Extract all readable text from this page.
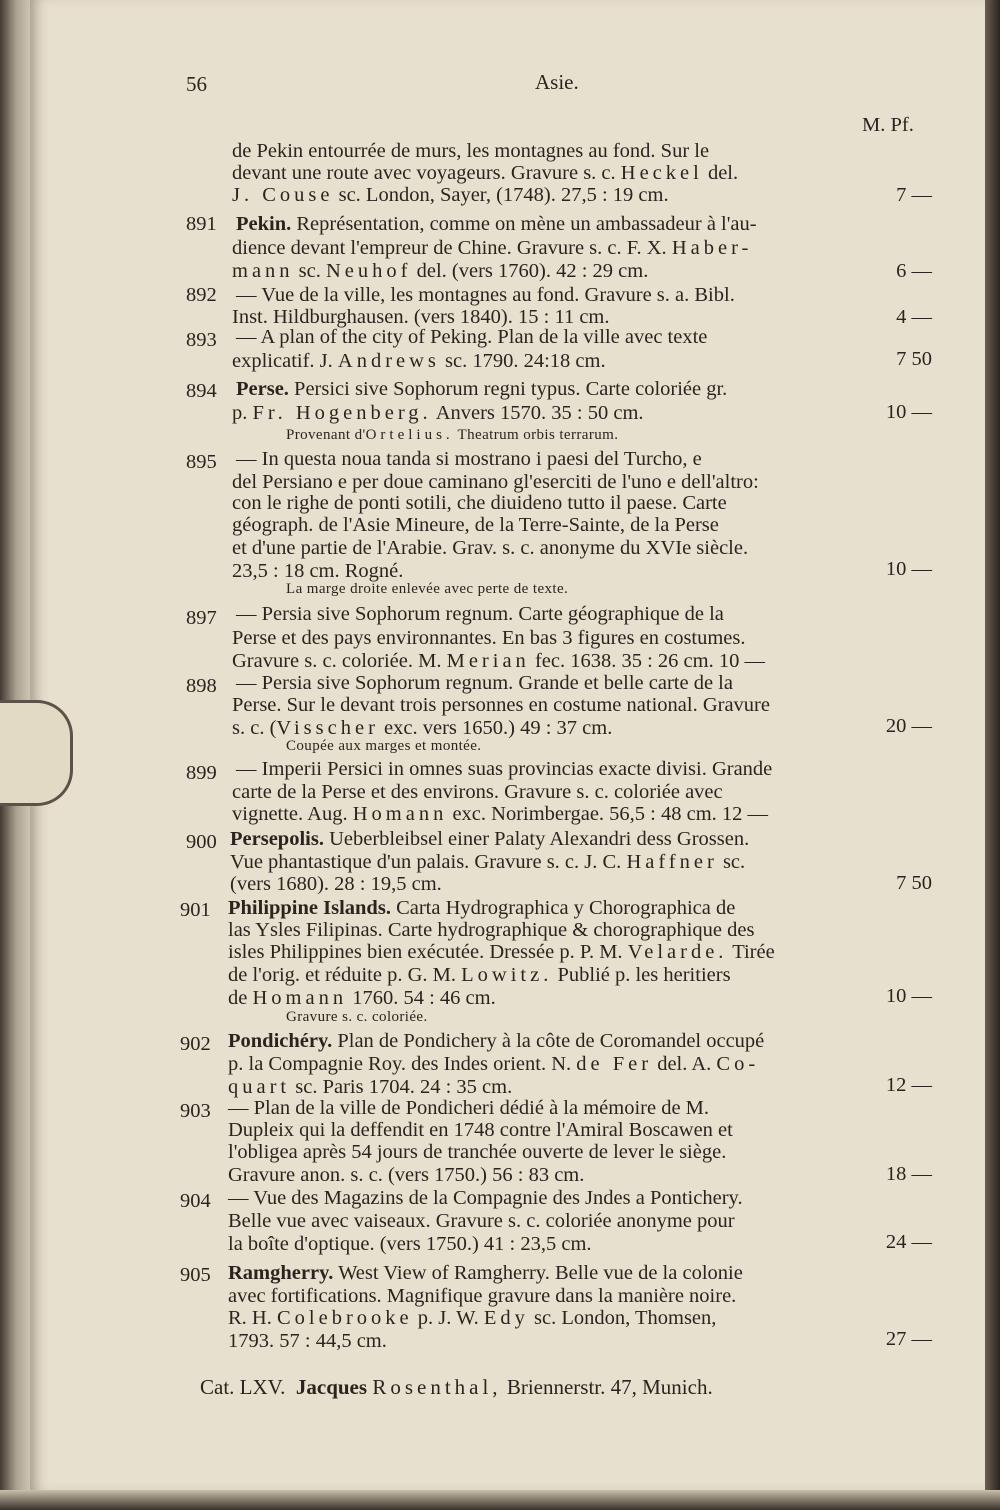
56	Asie.
M. Pf.
de Pekin entourrée de murs, les montagnes au fond. Sur le
devant une route avec voyageurs. Gravure s. c. Heckel del.
J. Couse sc. London, Sayer, (1748). 27,5 : 19 cm.	7 —
891 Pekin. Représentation, comme on mène un ambassadeur à l'au-
dience devant l'empreur de Chine. Gravure s. c. F. X. Haber-
mann sc. Neuhof del. (vers 1760). 42 : 29 cm.	6 —
892 — Vue de la ville, les montagnes au fond. Gravure s. a. Bibl.
Inst. Hildburghausen. (vers 1840). 15 : 11 cm.	4 —
893 — A plan of the city of Peking. Plan de la ville avec texte
explicatif. J. Andrews sc. 1790. 24:18 cm.	7 50
894 Perse. Persici sive Sophorum regni typus. Carte coloriée gr.
p. Fr. Hogenberg. Anvers 1570. 35 : 50 cm.	10 —
Provenant d'Ortelius. Theatrum orbis terrarum.
895 — In questa noua tanda si mostrano i paesi del Turcho, e
del Persiano e per doue caminano gl'eserciti de l'uno e dell'altro:
con le righe de ponti sotili, che diuideno tutto il paese. Carte
géograph. de l'Asie Mineure, de la Terre-Sainte, de la Perse
et d'une partie de l'Arabie. Grav. s. c. anonyme du XVIe siècle.
23,5 : 18 cm. Rogné.	10 —
La marge droite enlevée avec perte de texte.
897 — Persia sive Sophorum regnum. Carte géographique de la
Perse et des pays environnantes. En bas 3 figures en costumes.
Gravure s. c. coloriée. M. Merian fec. 1638. 35 : 26 cm. 10 —
898 — Persia sive Sophorum regnum. Grande et belle carte de la
Perse. Sur le devant trois personnes en costume national. Gravure
s. c. (Visscher exc. vers 1650.) 49 : 37 cm.	20 —
Coupée aux marges et montée.
899 — Imperii Persici in omnes suas provincias exacte divisi. Grande
carte de la Perse et des environs. Gravure s. c. coloriée avec
vignette. Aug. Homann exc. Norimbergae. 56,5 : 48 cm. 12 —
900 Persepolis. Ueberbleibsel einer Palaty Alexandri dess Grossen.
Vue phantastique d'un palais. Gravure s. c. J. C. Haffner sc.
(vers 1680). 28 : 19,5 cm.	7 50
901 Philippine Islands. Carta Hydrographica y Chorographica de
las Ysles Filipinas. Carte hydrographique & chorographique des
isles Philippines bien exécutée. Dressée p. P. M. Velarde. Tirée
de l'orig. et réduite p. G. M. Lowitz. Publié p. les heritiers
de Homann 1760. 54 : 46 cm.	10 —
Gravure s. c. coloriée.
902 Pondichéry. Plan de Pondichery à la côte de Coromandel occupé
p. la Compagnie Roy. des Indes orient. N. de Fer del. A. Co-
quart sc. Paris 1704. 24 : 35 cm.	12 —
903 — Plan de la ville de Pondicheri dédié à la mémoire de M.
Dupleix qui la deffendit en 1748 contre l'Amiral Boscawen et
l'obligea après 54 jours de tranchée ouverte de lever le siège.
Gravure anon. s. c. (vers 1750.) 56 : 83 cm.	18 —
904 — Vue des Magazins de la Compagnie des Jndes a Pontichery.
Belle vue avec vaiseaux. Gravure s. c. coloriée anonyme pour
la boîte d'optique. (vers 1750.) 41 : 23,5 cm.	24 —
905 Ramgherry. West View of Ramgherry. Belle vue de la colonie
avec fortifications. Magnifique gravure dans la manière noire.
R. H. Colebrooke p. J. W. Edy sc. London, Thomsen,
1793. 57 : 44,5 cm.	27 —
Cat. LXV. Jacques Rosenthal, Briennerstr. 47, Munich.
